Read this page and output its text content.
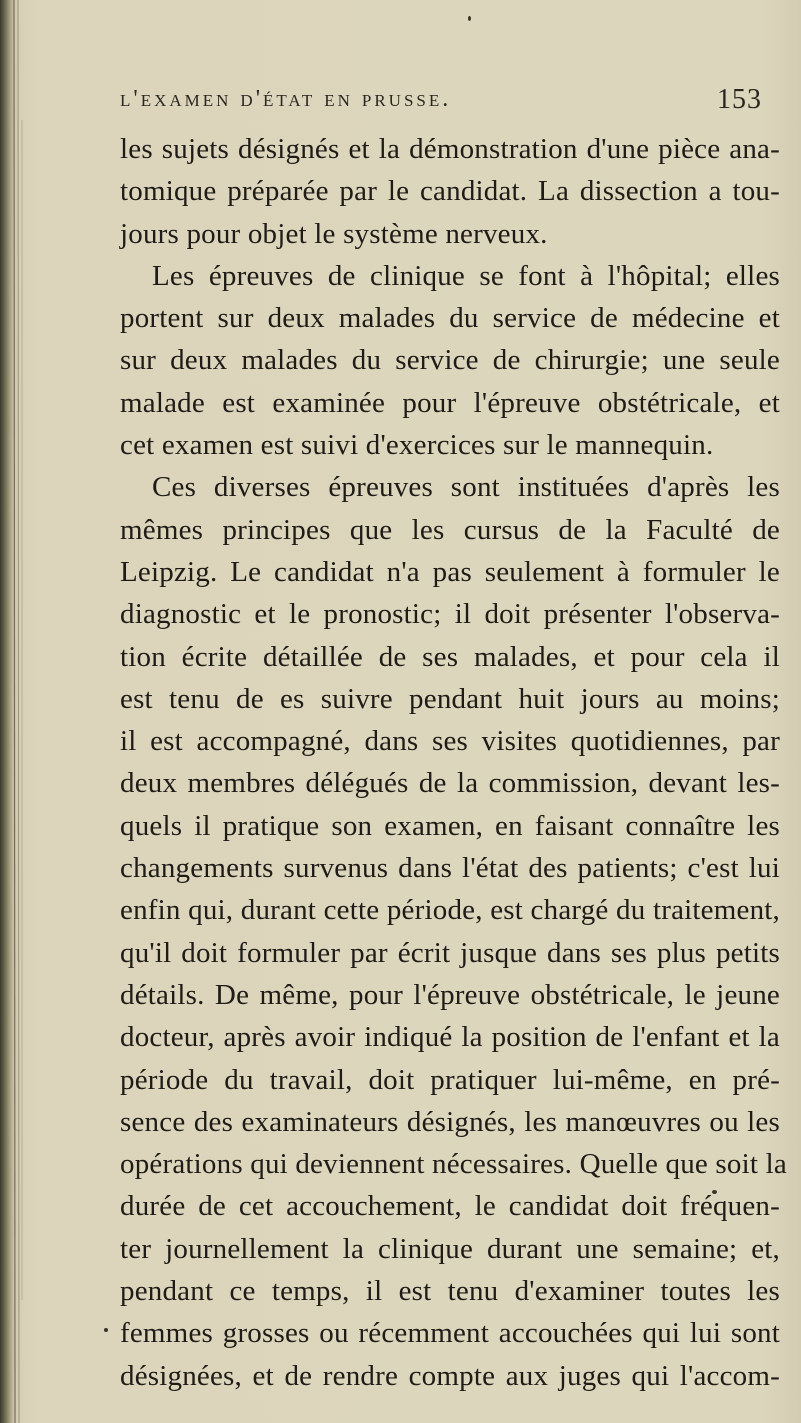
l'examen d'état en prusse.	153
les sujets désignés et la démonstration d'une pièce ana-
tomique préparée par le candidat. La dissection a tou-
jours pour objet le système nerveux.
Les épreuves de clinique se font à l'hôpital; elles
portent sur deux malades du service de médecine et
sur deux malades du service de chirurgie; une seule
malade est examinée pour l'épreuve obstétricale, et
cet examen est suivi d'exercices sur le mannequin.
Ces diverses épreuves sont instituées d'après les
mêmes principes que les cursus de la Faculté de
Leipzig. Le candidat n'a pas seulement à formuler le
diagnostic et le pronostic; il doit présenter l'observa-
tion écrite détaillée de ses malades, et pour cela il
est tenu de es suivre pendant huit jours au moins;
il est accompagné, dans ses visites quotidiennes, par
deux membres délégués de la commission, devant les-
quels il pratique son examen, en faisant connaître les
changements survenus dans l'état des patients; c'est lui
enfin qui, durant cette période, est chargé du traitement,
qu'il doit formuler par écrit jusque dans ses plus petits
détails. De même, pour l'épreuve obstétricale, le jeune
docteur, après avoir indiqué la position de l'enfant et la
période du travail, doit pratiquer lui-même, en pré-
sence des examinateurs désignés, les manœuvres ou les
opérations qui deviennent nécessaires. Quelle que soit la
durée de cet accouchement, le candidat doit fréquen-
ter journellement la clinique durant une semaine; et,
pendant ce temps, il est tenu d'examiner toutes les
femmes grosses ou récemment accouchées qui lui sont
désignées, et de rendre compte aux juges qui l'accom-
